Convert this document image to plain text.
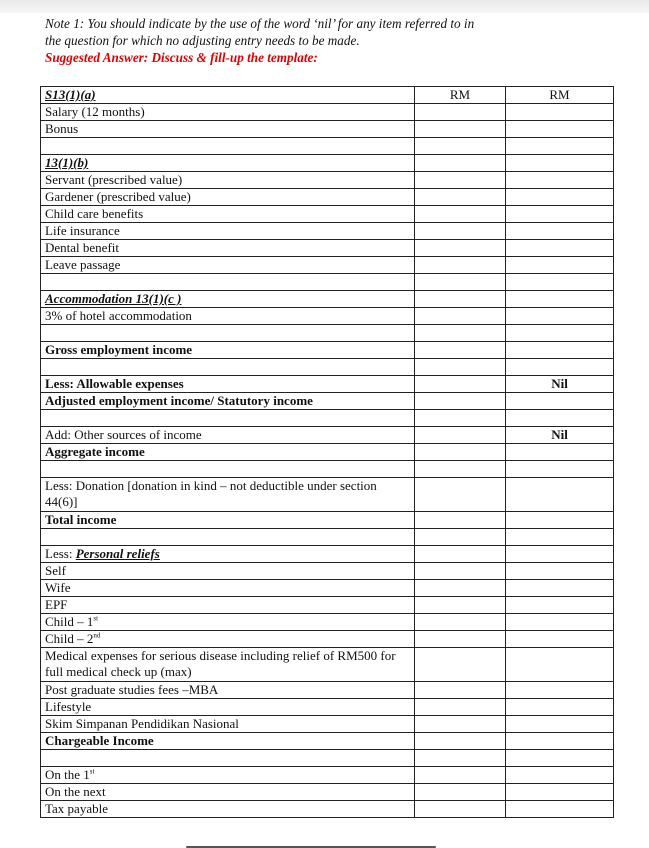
Note 1: You should indicate by the use of the word ‘nil’ for any item referred to in
the question for which no adjusting entry needs to be made.
Suggested Answer: Discuss & fill-up the template:
S13(1)(a)	RM	RM
Salary (12 months)		
Bonus		

13(1)(b)		
Servant (prescribed value)		
Gardener (prescribed value)		
Child care benefits		
Life insurance		
Dental benefit		
Leave passage		

Accommodation 13(1)(c )		
3% of hotel accommodation		

Gross employment income		

Less: Allowable expenses		Nil
Adjusted employment income/ Statutory income		

Add: Other sources of income		Nil
Aggregate income		

Less: Donation [donation in kind – not deductible under section 44(6)]		
Total income		

Less: Personal reliefs		
Self		
Wife		
EPF		
Child – 1st		
Child – 2nd		
Medical expenses for serious disease including relief of RM500 for full medical check up (max)		
Post graduate studies fees –MBA		
Lifestyle		
Skim Simpanan Pendidikan Nasional		
Chargeable Income		

On the 1st		
On the next		
Tax payable		
